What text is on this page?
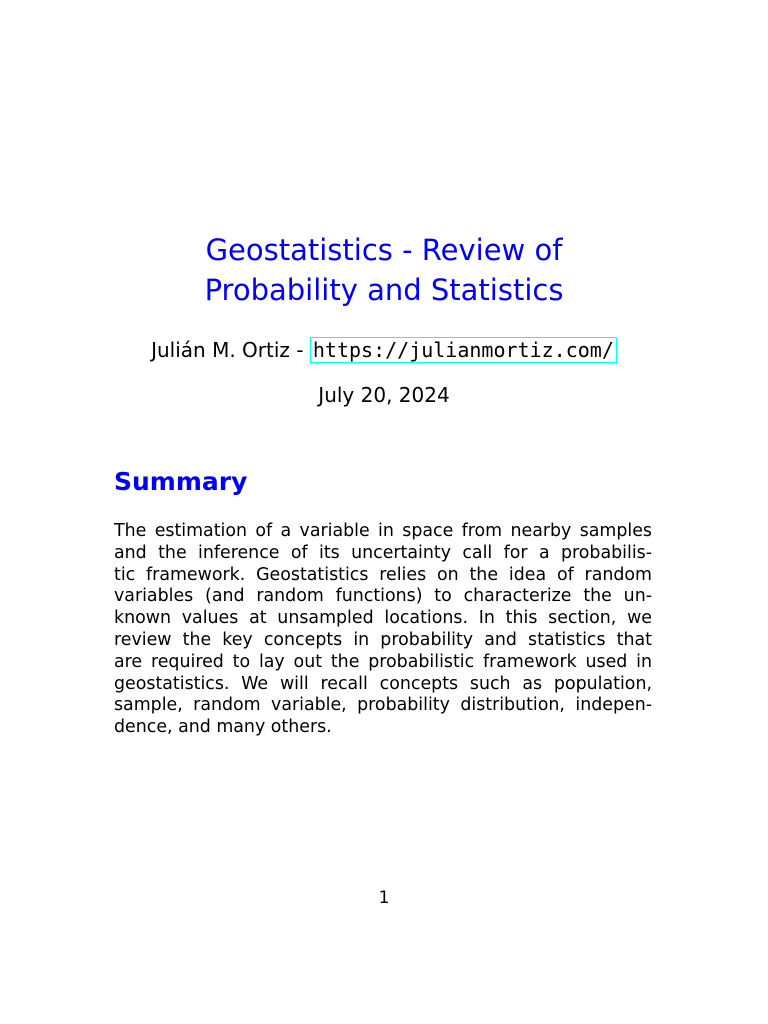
Geostatistics - Review of
Probability and Statistics
Julián M. Ortiz - https://julianmortiz.com/
July 20, 2024
Summary
The estimation of a variable in space from nearby samples
and the inference of its uncertainty call for a probabilis-
tic framework. Geostatistics relies on the idea of random
variables (and random functions) to characterize the un-
known values at unsampled locations. In this section, we
review the key concepts in probability and statistics that
are required to lay out the probabilistic framework used in
geostatistics. We will recall concepts such as population,
sample, random variable, probability distribution, indepen-
dence, and many others.
1
